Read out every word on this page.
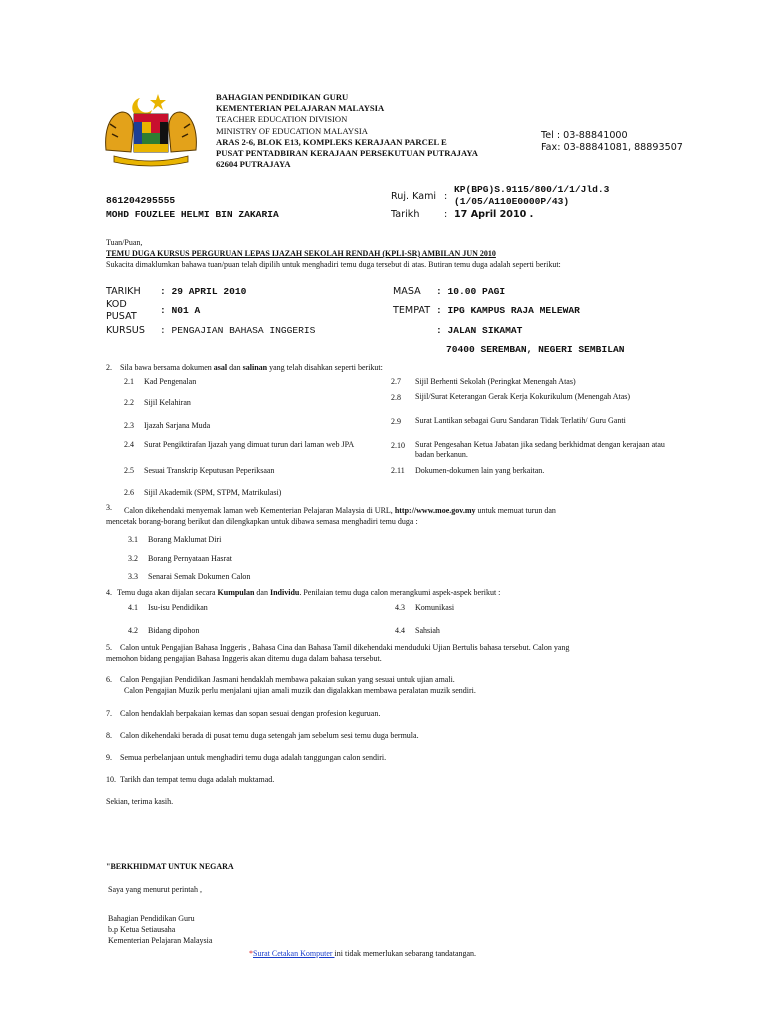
BAHAGIAN PENDIDIKAN GURU
KEMENTERIAN PELAJARAN MALAYSIA
TEACHER EDUCATION DIVISION
MINISTRY OF EDUCATION MALAYSIA
ARAS 2-6, BLOK E13, KOMPLEKS KERAJAAN PARCEL E
PUSAT PENTADBIRAN KERAJAAN PERSEKUTUAN PUTRAJAYA
62604 PUTRAJAYA
Tel : 03-88841000
Fax: 03-88841081, 88893507
861204295555
MOHD FOUZLEE HELMI BIN ZAKARIA
Ruj. Kami :
KP(BPG)S.9115/800/1/1/Jld.3
(1/05/A110E0000P/43)
Tarikh	: 17 April 2010 .
Tuan/Puan,
TEMU DUGA KURSUS PERGURUAN LEPAS IJAZAH SEKOLAH RENDAH (KPLI-SR) AMBILAN JUN 2010
Sukacita dimaklumkan bahawa tuan/puan telah dipilih untuk menghadiri temu duga tersebut di atas. Butiran temu duga adalah seperti berikut:
TARIKH : 29 APRIL 2010
KOD
PUSAT
: N01 A
KURSUS : PENGAJIAN BAHASA INGGERIS
MASA : 10.00 PAGI
TEMPAT : IPG KAMPUS RAJA MELEWAR
: JALAN SIKAMAT
70400 SEREMBAN, NEGERI SEMBILAN
2. Sila bawa bersama dokumen asal dan salinan yang telah disahkan seperti berikut:
2.1	Kad Pengenalan
2.2	Sijil Kelahiran
2.3	Ijazah Sarjana Muda
2.4	Surat Pengiktirafan Ijazah yang dimuat turun dari laman web JPA
2.5	Sesuai Transkrip Keputusan Peperiksaan
2.6	Sijil Akademik (SPM, STPM, Matrikulasi)
2.7	Sijil Berhenti Sekolah (Peringkat Menengah Atas)
2.8	Sijil/Surat Keterangan Gerak Kerja Kokurikulum (Menengah Atas)
2.9	Surat Lantikan sebagai Guru Sandaran Tidak Terlatih/ Guru Ganti
2.10	Surat Pengesahan Ketua Jabatan jika sedang berkhidmat dengan kerajaan atau badan berkanun.
2.11	Dokumen-dokumen lain yang berkaitan.
3.	Calon dikehendaki menyemak laman web Kementerian Pelajaran Malaysia di URL, http://www.moe.gov.my untuk memuat turun dan
mencetak borang-borang berikut dan dilengkapkan untuk dibawa semasa menghadiri temu duga :
3.1	Borang Maklumat Diri
3.2	Borang Pernyataan Hasrat
3.3	Senarai Semak Dokumen Calon
4. Temu duga akan dijalan secara Kumpulan dan Individu. Penilaian temu duga calon merangkumi aspek-aspek berikut :
4.1	Isu-isu Pendidikan
4.2	Bidang dipohon
4.3	Komunikasi
4.4	Sahsiah
5. Calon untuk Pengajian Bahasa Inggeris , Bahasa Cina dan Bahasa Tamil dikehendaki menduduki Ujian Bertulis bahasa tersebut. Calon yang
memohon bidang pengajian Bahasa Inggeris akan ditemu duga dalam bahasa tersebut.
6. Calon Pengajian Pendidikan Jasmani hendaklah membawa pakaian sukan yang sesuai untuk ujian amali.
Calon Pengajian Muzik perlu menjalani ujian amali muzik dan digalakkan membawa peralatan muzik sendiri.
7. Calon hendaklah berpakaian kemas dan sopan sesuai dengan profesion keguruan.
8. Calon dikehendaki berada di pusat temu duga setengah jam sebelum sesi temu duga bermula.
9. Semua perbelanjaan untuk menghadiri temu duga adalah tanggungan calon sendiri.
10. Tarikh dan tempat temu duga adalah muktamad.
Sekian, terima kasih.
"BERKHIDMAT UNTUK NEGARA
Saya yang menurut perintah ,
Bahagian Pendidikan Guru
b.p Ketua Setiausaha
Kementerian Pelajaran Malaysia
*Surat Cetakan Komputer ini tidak memerlukan sebarang tandatangan.
